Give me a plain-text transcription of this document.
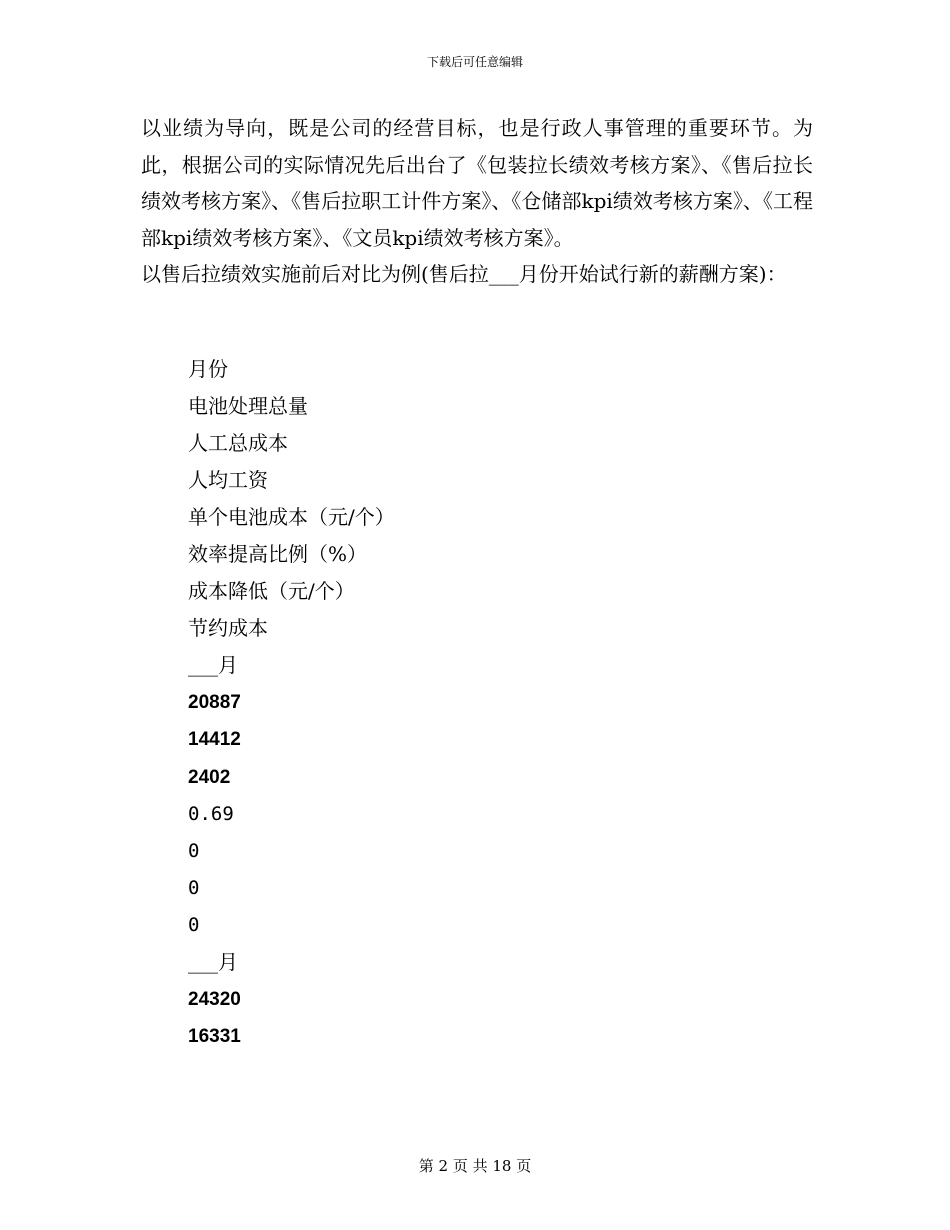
下载后可任意编辑

以业绩为导向，既是公司的经营目标，也是行政人事管理的重要环节。为此，根据公司的实际情况先后出台了《包装拉长绩效考核方案》、《售后拉长绩效考核方案》、《售后拉职工计件方案》、《仓储部kpi绩效考核方案》、《工程部kpi绩效考核方案》、《文员kpi绩效考核方案》。

以售后拉绩效实施前后对比为例(售后拉___月份开始试行新的薪酬方案)：

月份
电池处理总量
人工总成本
人均工资
单个电池成本（元/个）
效率提高比例（%）
成本降低（元/个）
节约成本
___月
20887
14412
2402
0.69
0
0
0
___月
24320
16331
第 2 页 共 18 页
